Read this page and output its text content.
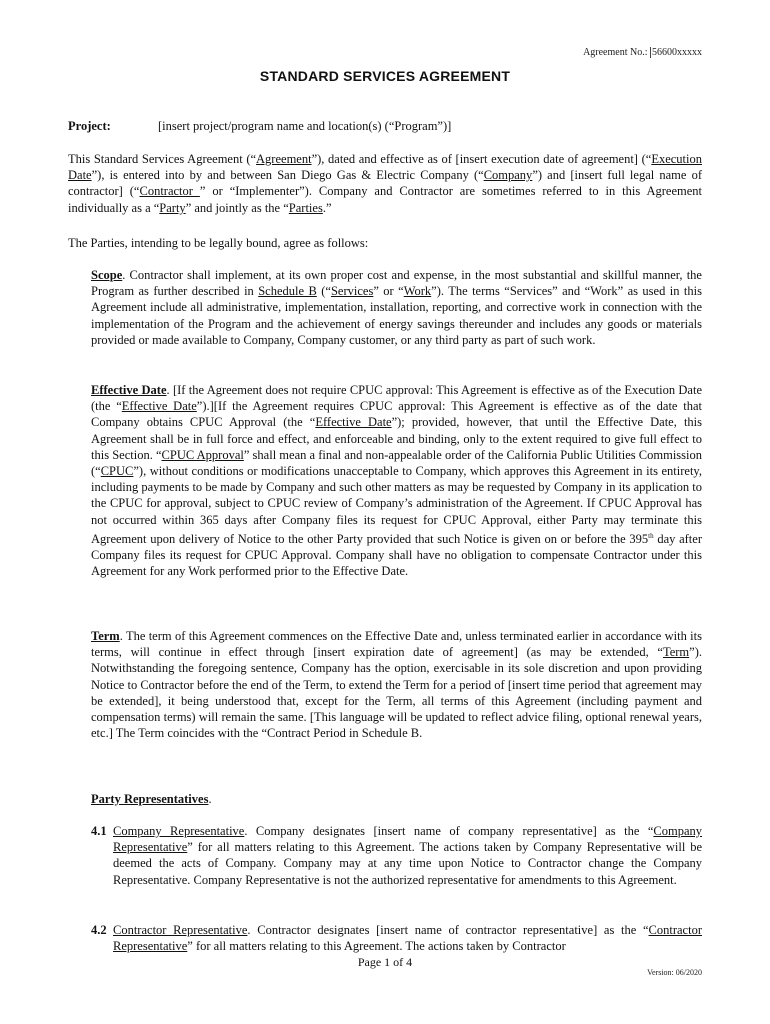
Agreement No.: 56600xxxxx
STANDARD SERVICES AGREEMENT
Project:	[insert project/program name and location(s) (“Program”)]
This Standard Services Agreement (“Agreement”), dated and effective as of [insert execution date of agreement] (“Execution Date”), is entered into by and between San Diego Gas & Electric Company (“Company”) and [insert full legal name of contractor] (“Contractor ” or “Implementer”). Company and Contractor are sometimes referred to in this Agreement individually as a “Party” and jointly as the “Parties.”
The Parties, intending to be legally bound, agree as follows:
Scope. Contractor shall implement, at its own proper cost and expense, in the most substantial and skillful manner, the Program as further described in Schedule B (“Services” or “Work”). The terms “Services” and “Work” as used in this Agreement include all administrative, implementation, installation, reporting, and corrective work in connection with the implementation of the Program and the achievement of energy savings thereunder and includes any goods or materials provided or made available to Company, Company customer, or any third party as part of such work.
Effective Date. [If the Agreement does not require CPUC approval: This Agreement is effective as of the Execution Date (the “Effective Date”).][If the Agreement requires CPUC approval: This Agreement is effective as of the date that Company obtains CPUC Approval (the “Effective Date”); provided, however, that until the Effective Date, this Agreement shall be in full force and effect, and enforceable and binding, only to the extent required to give full effect to this Section. “CPUC Approval” shall mean a final and non-appealable order of the California Public Utilities Commission (“CPUC”), without conditions or modifications unacceptable to Company, which approves this Agreement in its entirety, including payments to be made by Company and such other matters as may be requested by Company in its application to the CPUC for approval, subject to CPUC review of Company’s administration of the Agreement. If CPUC Approval has not occurred within 365 days after Company files its request for CPUC Approval, either Party may terminate this Agreement upon delivery of Notice to the other Party provided that such Notice is given on or before the 395th day after Company files its request for CPUC Approval. Company shall have no obligation to compensate Contractor under this Agreement for any Work performed prior to the Effective Date.
Term. The term of this Agreement commences on the Effective Date and, unless terminated earlier in accordance with its terms, will continue in effect through [insert expiration date of agreement] (as may be extended, “Term”). Notwithstanding the foregoing sentence, Company has the option, exercisable in its sole discretion and upon providing Notice to Contractor before the end of the Term, to extend the Term for a period of [insert time period that agreement may be extended], it being understood that, except for the Term, all terms of this Agreement (including payment and compensation terms) will remain the same. [This language will be updated to reflect advice filing, optional renewal years, etc.] The Term coincides with the “Contract Period in Schedule B.
Party Representatives.
4.1 Company Representative. Company designates [insert name of company representative] as the “Company Representative” for all matters relating to this Agreement. The actions taken by Company Representative will be deemed the acts of Company. Company may at any time upon Notice to Contractor change the Company Representative. Company Representative is not the authorized representative for amendments to this Agreement.
4.2 Contractor Representative. Contractor designates [insert name of contractor representative] as the “Contractor Representative” for all matters relating to this Agreement. The actions taken by Contractor
Page 1 of 4
Version: 06/2020
